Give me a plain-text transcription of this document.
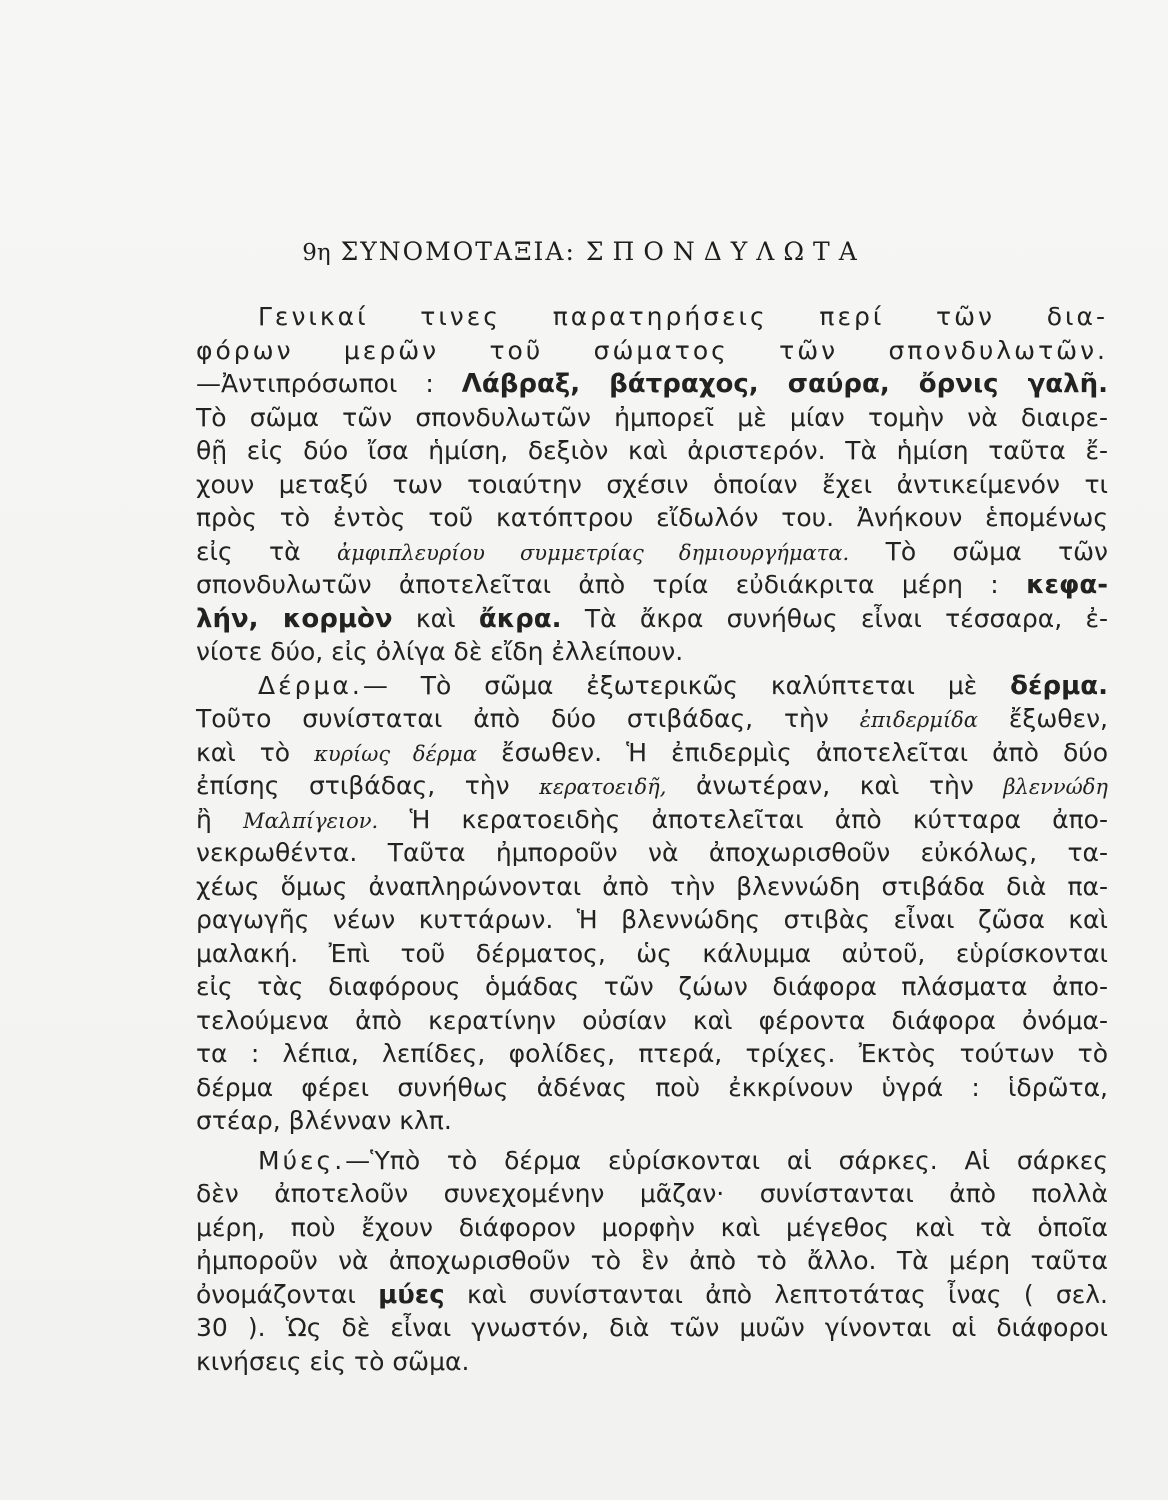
9η ΣΥΝΟΜΟΤΑΞΙΑ: ΣΠΟΝΔΥΛΩΤΑ
Γενικαί τινες παρατηρήσεις περί τῶν δια-
φόρων μερῶν τοῦ σώματος τῶν σπονδυλωτῶν.
—Ἀντιπρόσωποι : Λάβραξ, βάτραχος, σαύρα, ὄρνις γαλῆ.
Τὸ σῶμα τῶν σπονδυλωτῶν ἠμπορεῖ μὲ μίαν τομὴν νὰ διαιρε-
θῇ εἰς δύο ἴσα ἡμίση, δεξιὸν καὶ ἀριστερόν. Τὰ ἡμίση ταῦτα ἔ-
χουν μεταξύ των τοιαύτην σχέσιν ὁποίαν ἔχει ἀντικείμενόν τι
πρὸς τὸ ἐντὸς τοῦ κατόπτρου εἴδωλόν του. Ἀνήκουν ἑπομένως
εἰς τὰ ἀμφιπλευρίου συμμετρίας δημιουργήματα. Τὸ σῶμα τῶν
σπονδυλωτῶν ἀποτελεῖται ἀπὸ τρία εὐδιάκριτα μέρη : κεφα-
λήν, κορμὸν καὶ ἄκρα. Τὰ ἄκρα συνήθως εἶναι τέσσαρα, ἐ-
νίοτε δύο, εἰς ὀλίγα δὲ εἴδη ἐλλείπουν.
Δέρμα.— Τὸ σῶμα ἐξωτερικῶς καλύπτεται μὲ δέρμα.
Τοῦτο συνίσταται ἀπὸ δύο στιβάδας, τὴν ἐπιδερμίδα ἔξωθεν,
καὶ τὸ κυρίως δέρμα ἔσωθεν. Ἡ ἐπιδερμὶς ἀποτελεῖται ἀπὸ δύο
ἐπίσης στιβάδας, τὴν κερατοειδῆ, ἀνωτέραν, καὶ τὴν βλεννώδη
ἢ Μαλπίγειον. Ἡ κερατοειδὴς ἀποτελεῖται ἀπὸ κύτταρα ἀπο-
νεκρωθέντα. Ταῦτα ἠμποροῦν νὰ ἀποχωρισθοῦν εὐκόλως, τα-
χέως ὅμως ἀναπληρώνονται ἀπὸ τὴν βλεννώδη στιβάδα διὰ πα-
ραγωγῆς νέων κυττάρων. Ἡ βλεννώδης στιβὰς εἶναι ζῶσα καὶ
μαλακή. Ἐπὶ τοῦ δέρματος, ὡς κάλυμμα αὐτοῦ, εὑρίσκονται
εἰς τὰς διαφόρους ὁμάδας τῶν ζώων διάφορα πλάσματα ἀπο-
τελούμενα ἀπὸ κερατίνην οὐσίαν καὶ φέροντα διάφορα ὀνόμα-
τα : λέπια, λεπίδες, φολίδες, πτερά, τρίχες. Ἐκτὸς τούτων τὸ
δέρμα φέρει συνήθως ἀδένας ποὺ ἐκκρίνουν ὑγρά : ἱδρῶτα,
στέαρ, βλένναν κλπ.
Μύες.—Ὑπὸ τὸ δέρμα εὑρίσκονται αἱ σάρκες. Αἱ σάρκες
δὲν ἀποτελοῦν συνεχομένην μᾶζαν· συνίστανται ἀπὸ πολλὰ
μέρη, ποὺ ἔχουν διάφορον μορφὴν καὶ μέγεθος καὶ τὰ ὁποῖα
ἠμποροῦν νὰ ἀποχωρισθοῦν τὸ ἓν ἀπὸ τὸ ἄλλο. Τὰ μέρη ταῦτα
ὀνομάζονται μύες καὶ συνίστανται ἀπὸ λεπτοτάτας ἶνας ( σελ.
30 ). Ὡς δὲ εἶναι γνωστόν, διὰ τῶν μυῶν γίνονται αἱ διάφοροι
κινήσεις εἰς τὸ σῶμα.
